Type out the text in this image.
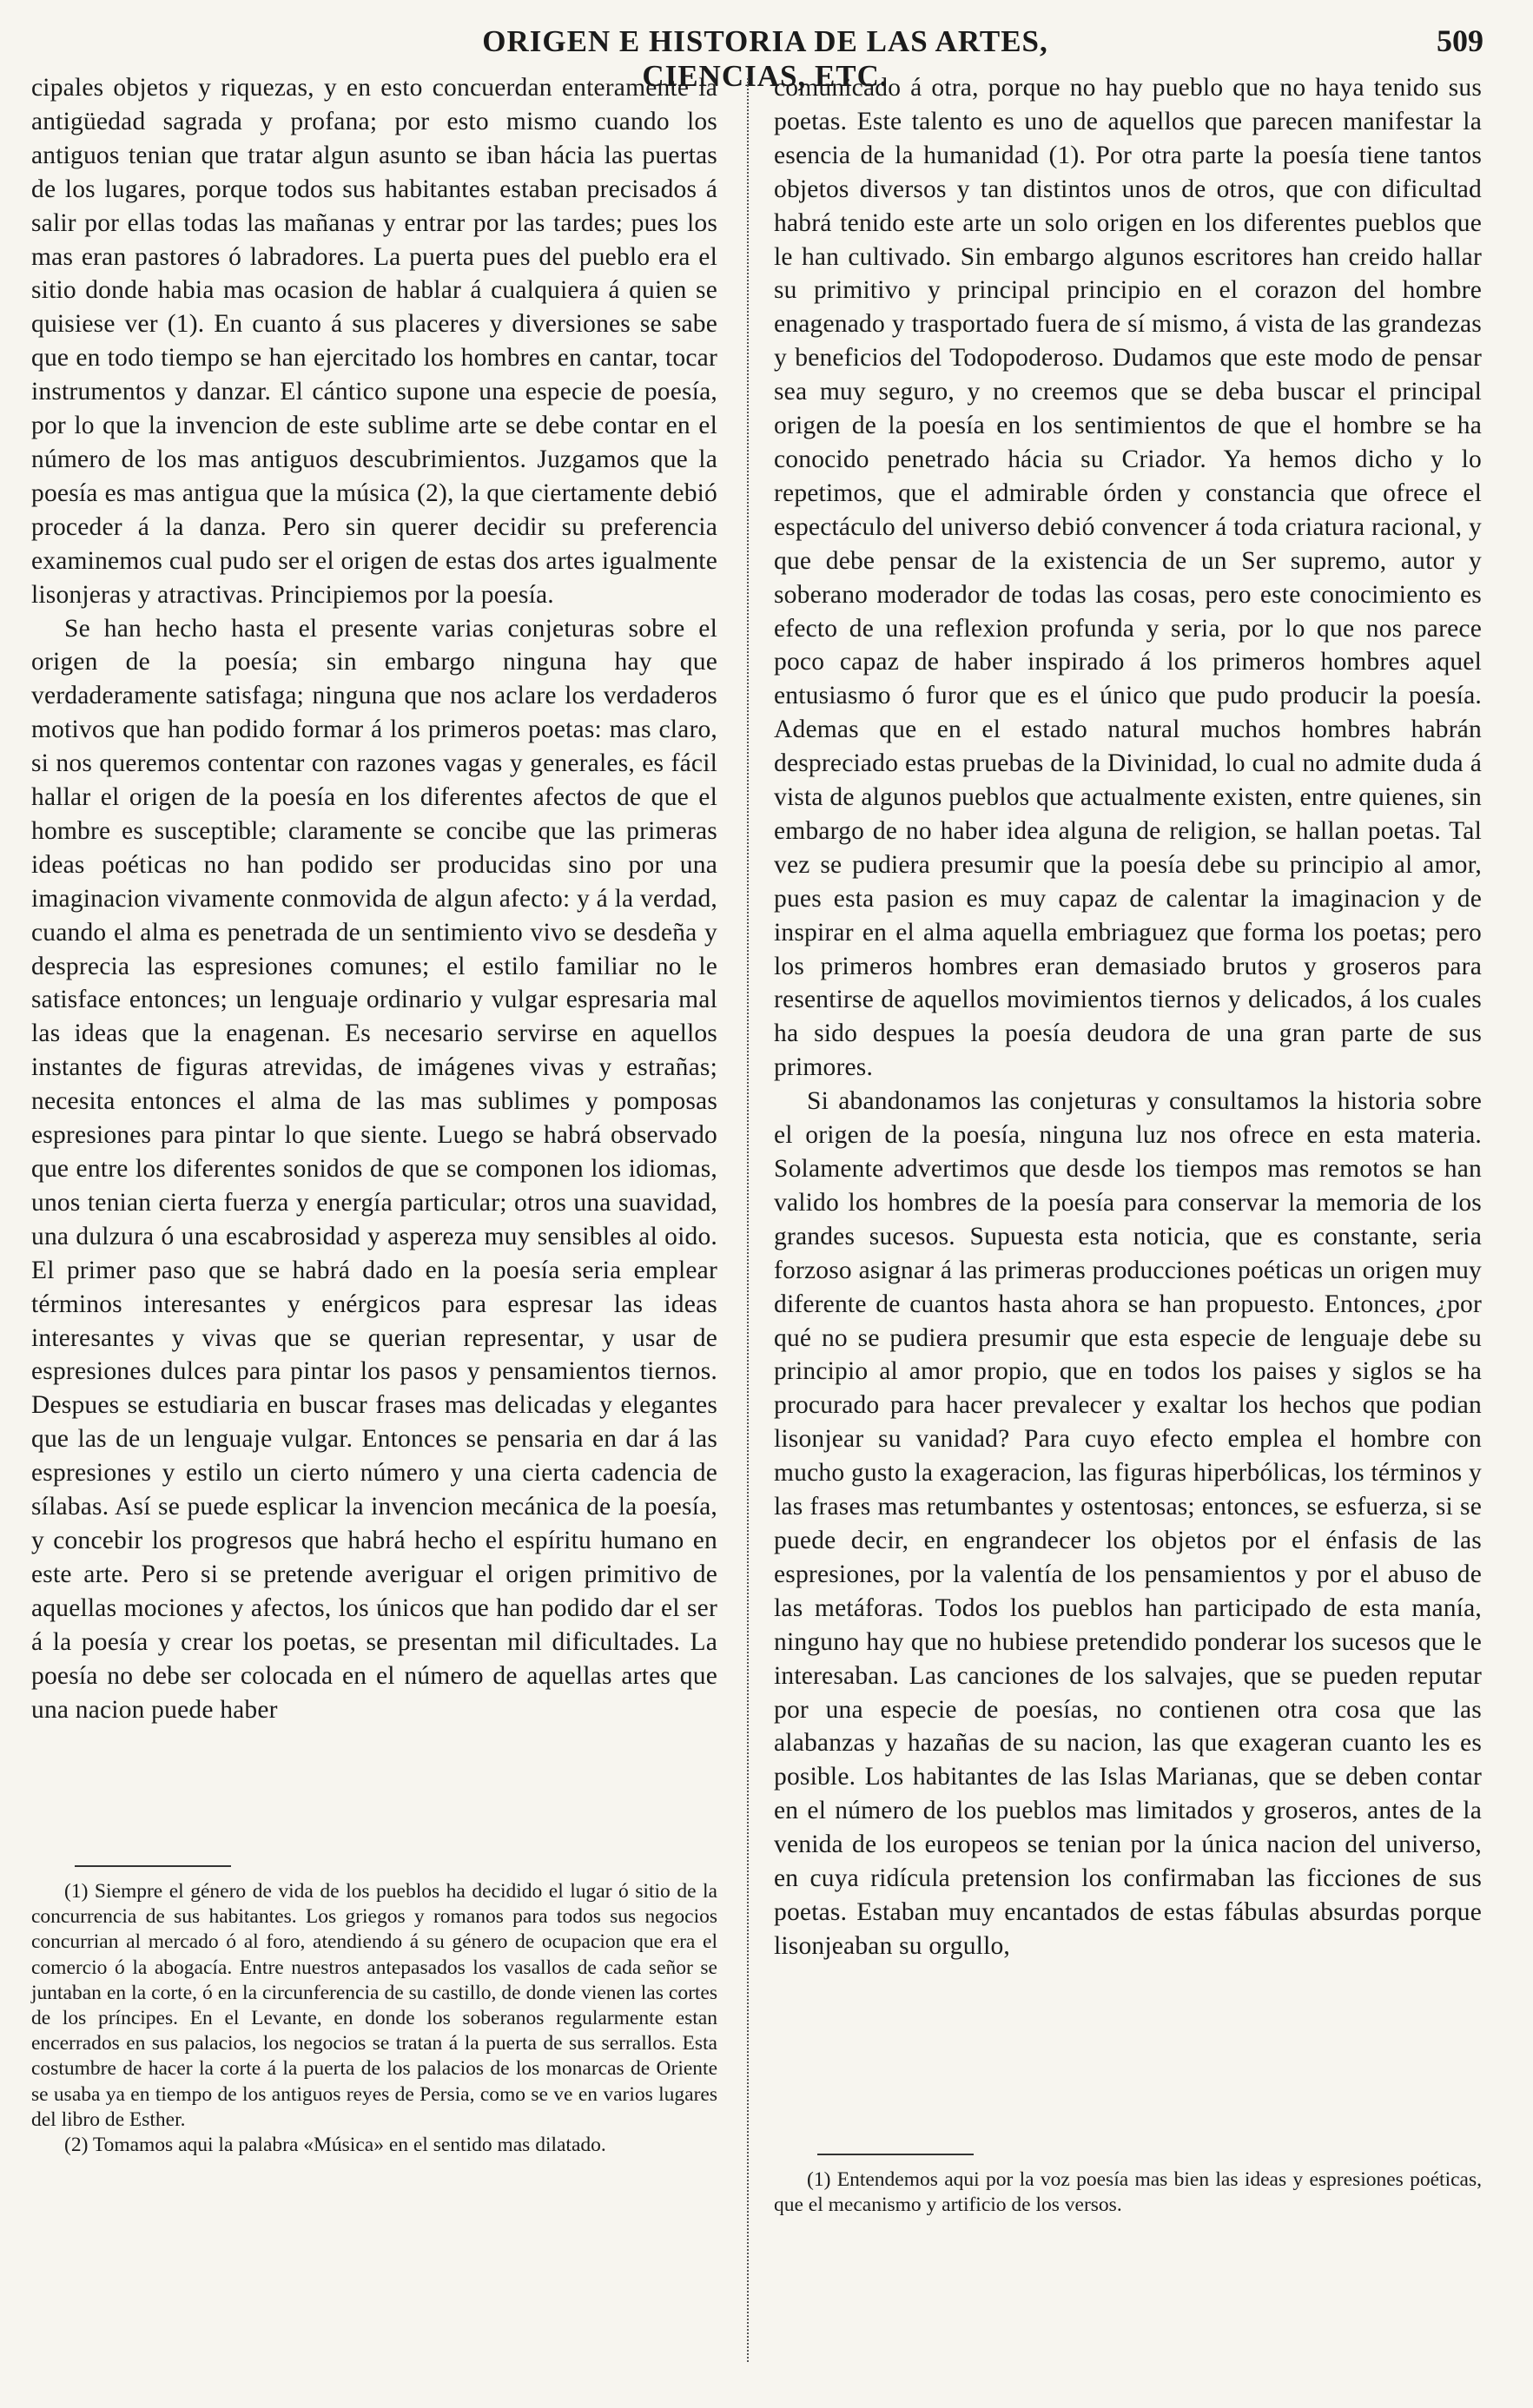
ORIGEN E HISTORIA DE LAS ARTES, CIENCIAS, ETC.
509

cipales objetos y riquezas, y en esto concuerdan enteramente la antigüedad sagrada y profana; por esto mismo cuando los antiguos tenian que tratar algun asunto se iban hácia las puertas de los lugares, porque todos sus habitantes estaban precisados á salir por ellas todas las mañanas y entrar por las tardes; pues los mas eran pastores ó labradores. La puerta pues del pueblo era el sitio donde habia mas ocasion de hablar á cualquiera á quien se quisiese ver (1). En cuanto á sus placeres y diversiones se sabe que en todo tiempo se han ejercitado los hombres en cantar, tocar instrumentos y danzar. El cántico supone una especie de poesía, por lo que la invencion de este sublime arte se debe contar en el número de los mas antiguos descubrimientos. Juzgamos que la poesía es mas antigua que la música (2), la que ciertamente debió proceder á la danza. Pero sin querer decidir su preferencia examinemos cual pudo ser el origen de estas dos artes igualmente lisonjeras y atractivas. Principiemos por la poesía.

Se han hecho hasta el presente varias conjeturas sobre el origen de la poesía; sin embargo ninguna hay que verdaderamente satisfaga; ninguna que nos aclare los verdaderos motivos que han podido formar á los primeros poetas: mas claro, si nos queremos contentar con razones vagas y generales, es fácil hallar el origen de la poesía en los diferentes afectos de que el hombre es susceptible; claramente se concibe que las primeras ideas poéticas no han podido ser producidas sino por una imaginacion vivamente conmovida de algun afecto: y á la verdad, cuando el alma es penetrada de un sentimiento vivo se desdeña y desprecia las espresiones comunes; el estilo familiar no le satisface entonces; un lenguaje ordinario y vulgar espresaria mal las ideas que la enagenan. Es necesario servirse en aquellos instantes de figuras atrevidas, de imágenes vivas y estrañas; necesita entonces el alma de las mas sublimes y pomposas espresiones para pintar lo que siente. Luego se habrá observado que entre los diferentes sonidos de que se componen los idiomas, unos tenian cierta fuerza y energía particular; otros una suavidad, una dulzura ó una escabrosidad y aspereza muy sensibles al oido. El primer paso que se habrá dado en la poesía seria emplear términos interesantes y enérgicos para espresar las ideas interesantes y vivas que se querian representar, y usar de espresiones dulces para pintar los pasos y pensamientos tiernos. Despues se estudiaria en buscar frases mas delicadas y elegantes que las de un lenguaje vulgar. Entonces se pensaria en dar á las espresiones y estilo un cierto número y una cierta cadencia de sílabas. Así se puede esplicar la invencion mecánica de la poesía, y concebir los progresos que habrá hecho el espíritu humano en este arte. Pero si se pretende averiguar el origen primitivo de aquellas mociones y afectos, los únicos que han podido dar el ser á la poesía y crear los poetas, se presentan mil dificultades. La poesía no debe ser colocada en el número de aquellas artes que una nacion puede haber

comunicado á otra, porque no hay pueblo que no haya tenido sus poetas. Este talento es uno de aquellos que parecen manifestar la esencia de la humanidad (1). Por otra parte la poesía tiene tantos objetos diversos y tan distintos unos de otros, que con dificultad habrá tenido este arte un solo origen en los diferentes pueblos que le han cultivado. Sin embargo algunos escritores han creido hallar su primitivo y principal principio en el corazon del hombre enagenado y trasportado fuera de sí mismo, á vista de las grandezas y beneficios del Todopoderoso. Dudamos que este modo de pensar sea muy seguro, y no creemos que se deba buscar el principal origen de la poesía en los sentimientos de que el hombre se ha conocido penetrado hácia su Criador. Ya hemos dicho y lo repetimos, que el admirable órden y constancia que ofrece el espectáculo del universo debió convencer á toda criatura racional, y que debe pensar de la existencia de un Ser supremo, autor y soberano moderador de todas las cosas, pero este conocimiento es efecto de una reflexion profunda y seria, por lo que nos parece poco capaz de haber inspirado á los primeros hombres aquel entusiasmo ó furor que es el único que pudo producir la poesía. Ademas que en el estado natural muchos hombres habrán despreciado estas pruebas de la Divinidad, lo cual no admite duda á vista de algunos pueblos que actualmente existen, entre quienes, sin embargo de no haber idea alguna de religion, se hallan poetas. Tal vez se pudiera presumir que la poesía debe su principio al amor, pues esta pasion es muy capaz de calentar la imaginacion y de inspirar en el alma aquella embriaguez que forma los poetas; pero los primeros hombres eran demasiado brutos y groseros para resentirse de aquellos movimientos tiernos y delicados, á los cuales ha sido despues la poesía deudora de una gran parte de sus primores.

Si abandonamos las conjeturas y consultamos la historia sobre el origen de la poesía, ninguna luz nos ofrece en esta materia. Solamente advertimos que desde los tiempos mas remotos se han valido los hombres de la poesía para conservar la memoria de los grandes sucesos. Supuesta esta noticia, que es constante, seria forzoso asignar á las primeras producciones poéticas un origen muy diferente de cuantos hasta ahora se han propuesto. Entonces, ¿por qué no se pudiera presumir que esta especie de lenguaje debe su principio al amor propio, que en todos los paises y siglos se ha procurado para hacer prevalecer y exaltar los hechos que podian lisonjear su vanidad? Para cuyo efecto emplea el hombre con mucho gusto la exageracion, las figuras hiperbólicas, los términos y las frases mas retumbantes y ostentosas; entonces, se esfuerza, si se puede decir, en engrandecer los objetos por el énfasis de las espresiones, por la valentía de los pensamientos y por el abuso de las metáforas. Todos los pueblos han participado de esta manía, ninguno hay que no hubiese pretendido ponderar los sucesos que le interesaban. Las canciones de los salvajes, que se pueden reputar por una especie de poesías, no contienen otra cosa que las alabanzas y hazañas de su nacion, las que exageran cuanto les es posible. Los habitantes de las Islas Marianas, que se deben contar en el número de los pueblos mas limitados y groseros, antes de la venida de los europeos se tenian por la única nacion del universo, en cuya ridícula pretension los confirmaban las ficciones de sus poetas. Estaban muy encantados de estas fábulas absurdas porque lisonjeaban su orgullo,

(1) Siempre el género de vida de los pueblos ha decidido el lugar ó sitio de la concurrencia de sus habitantes. Los griegos y romanos para todos sus negocios concurrian al mercado ó al foro, atendiendo á su género de ocupacion que era el comercio ó la abogacía. Entre nuestros antepasados los vasallos de cada señor se juntaban en la corte, ó en la circunferencia de su castillo, de donde vienen las cortes de los príncipes. En el Levante, en donde los soberanos regularmente estan encerrados en sus palacios, los negocios se tratan á la puerta de sus serrallos. Esta costumbre de hacer la corte á la puerta de los palacios de los monarcas de Oriente se usaba ya en tiempo de los antiguos reyes de Persia, como se ve en varios lugares del libro de Esther.

(2) Tomamos aqui la palabra «Música» en el sentido mas dilatado.

(1) Entendemos aqui por la voz poesía mas bien las ideas y espresiones poéticas, que el mecanismo y artificio de los versos.
